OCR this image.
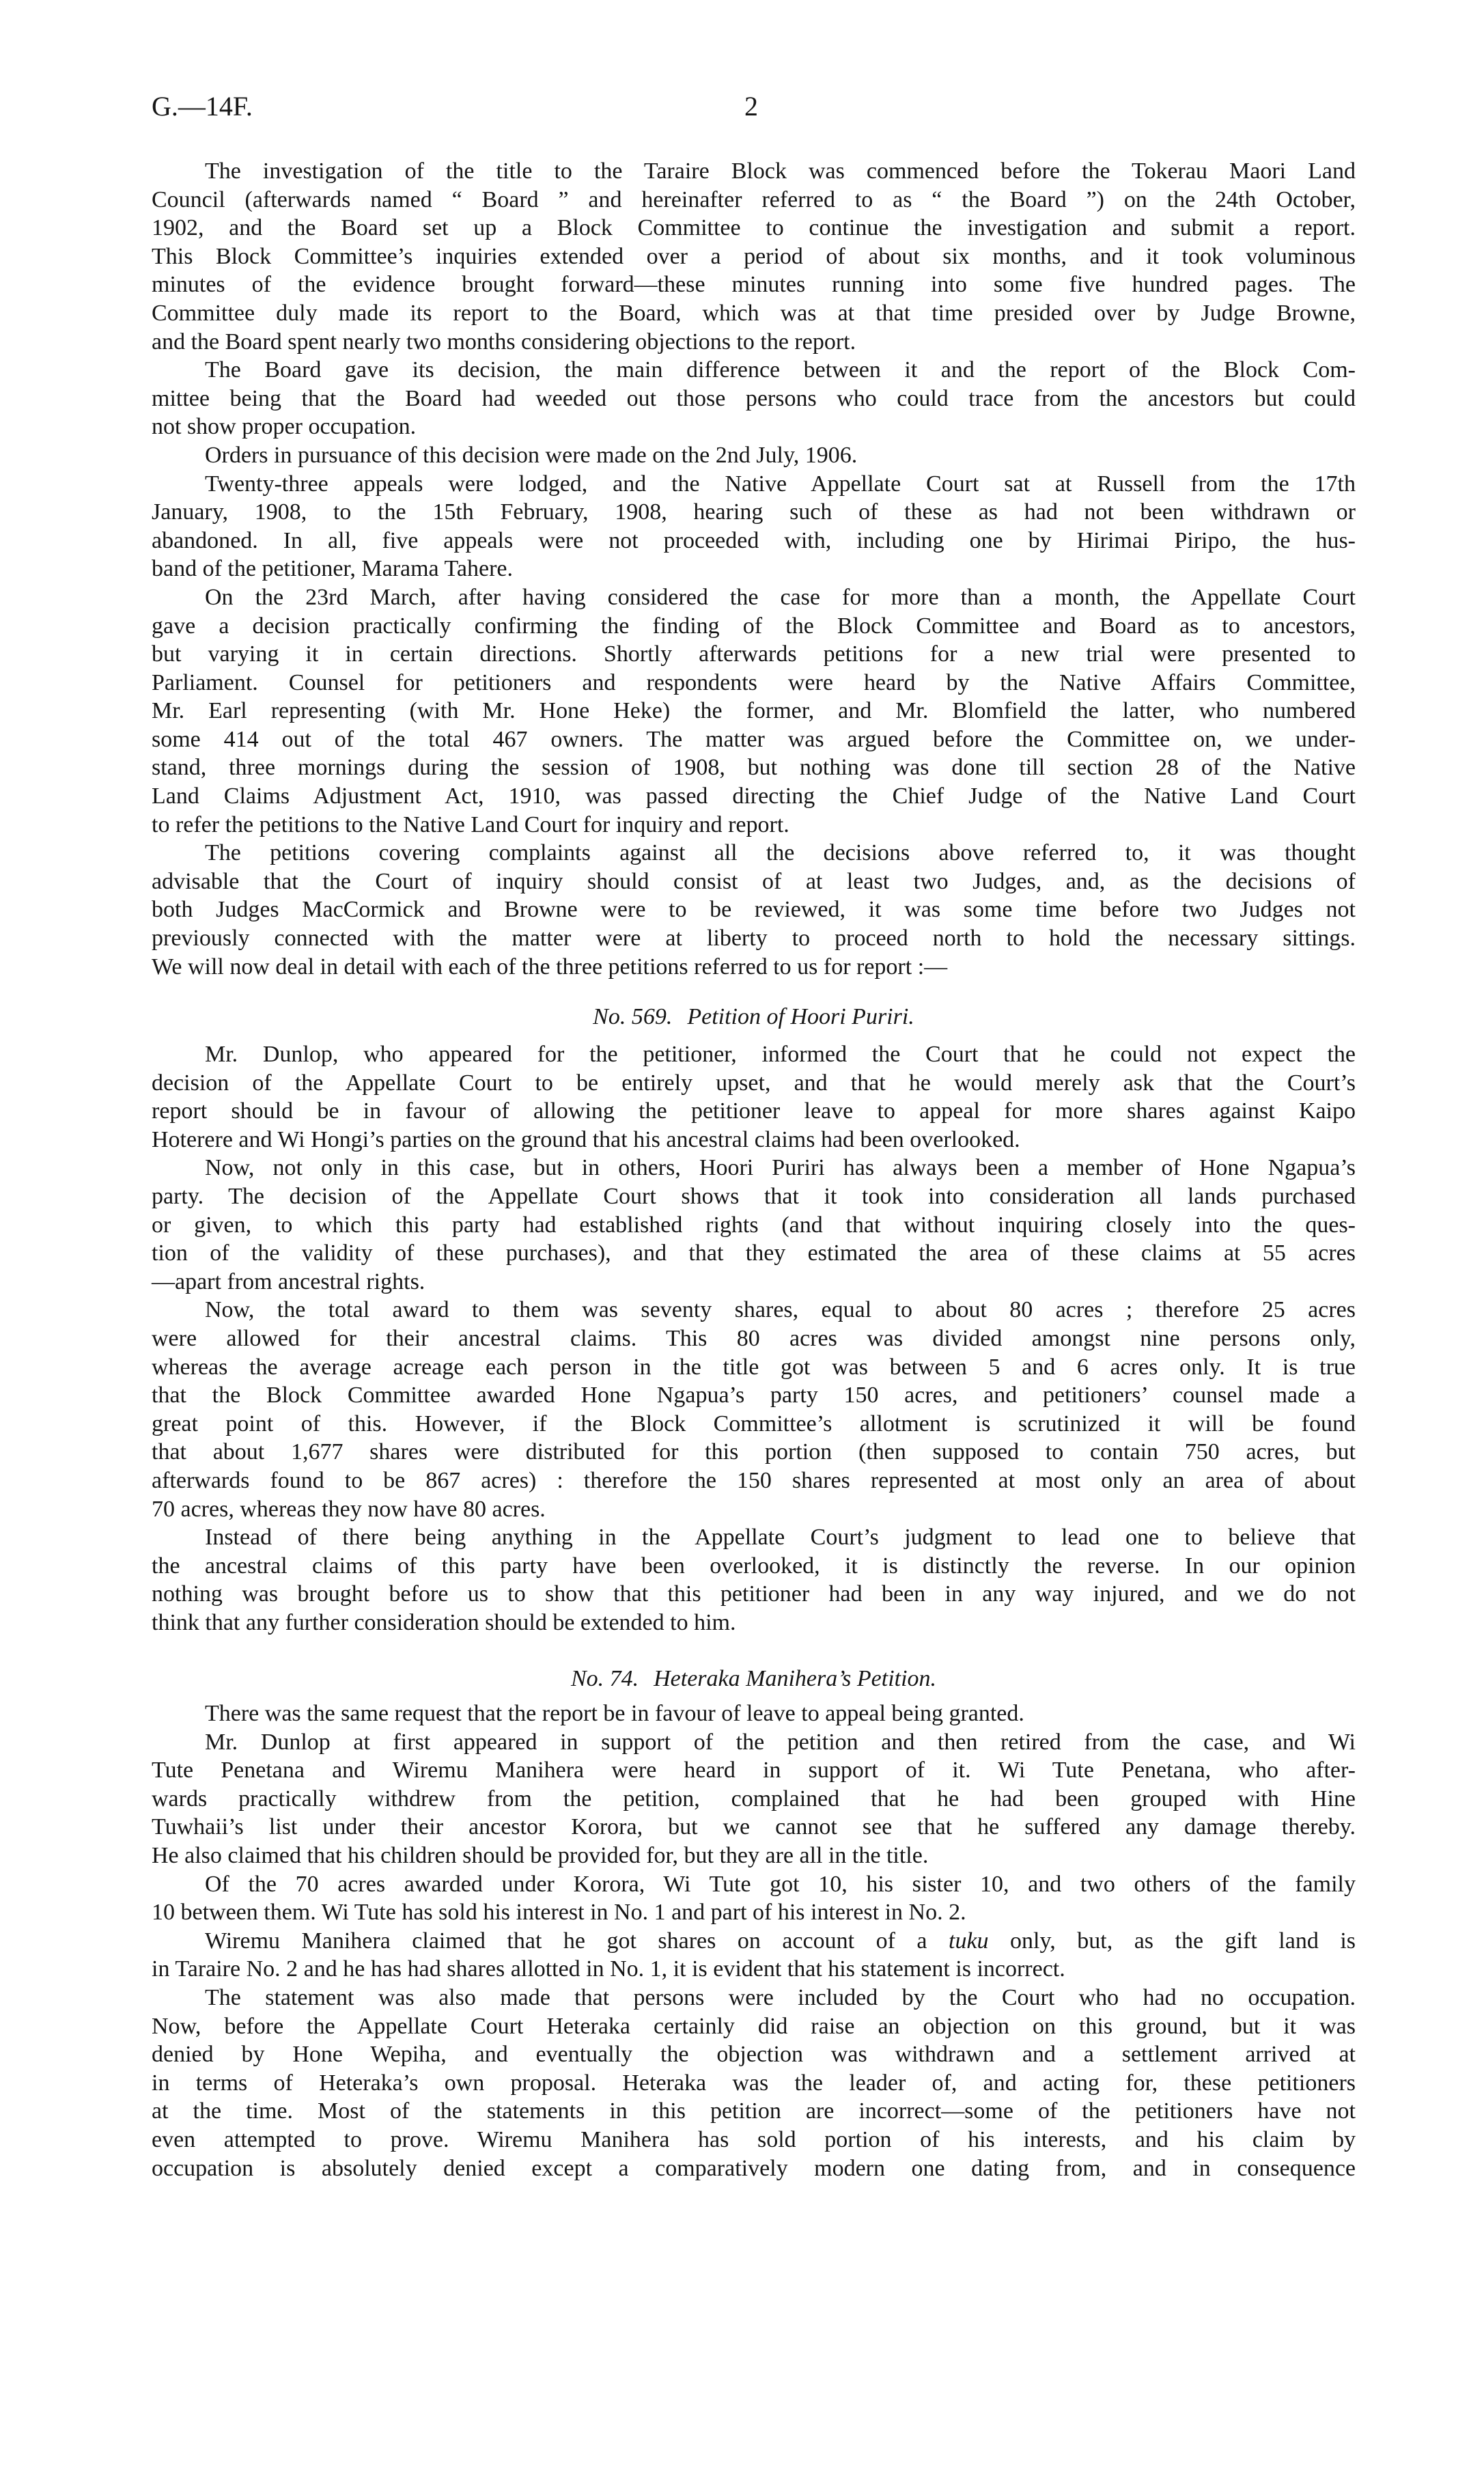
G.—14F.	2
The investigation of the title to the Taraire Block was commenced before the Tokerau Maori Land
Council (afterwards named “ Board ” and hereinafter referred to as “ the Board ”) on the 24th October,
1902, and the Board set up a Block Committee to continue the investigation and submit a report.
This Block Committee’s inquiries extended over a period of about six months, and it took voluminous
minutes of the evidence brought forward—these minutes running into some five hundred pages. The
Committee duly made its report to the Board, which was at that time presided over by Judge Browne,
and the Board spent nearly two months considering objections to the report.
The Board gave its decision, the main difference between it and the report of the Block Com-
mittee being that the Board had weeded out those persons who could trace from the ancestors but could
not show proper occupation.
Orders in pursuance of this decision were made on the 2nd July, 1906.
Twenty-three appeals were lodged, and the Native Appellate Court sat at Russell from the 17th
January, 1908, to the 15th February, 1908, hearing such of these as had not been withdrawn or
abandoned. In all, five appeals were not proceeded with, including one by Hirimai Piripo, the hus-
band of the petitioner, Marama Tahere.
On the 23rd March, after having considered the case for more than a month, the Appellate Court
gave a decision practically confirming the finding of the Block Committee and Board as to ancestors,
but varying it in certain directions. Shortly afterwards petitions for a new trial were presented to
Parliament. Counsel for petitioners and respondents were heard by the Native Affairs Committee,
Mr. Earl representing (with Mr. Hone Heke) the former, and Mr. Blomfield the latter, who numbered
some 414 out of the total 467 owners. The matter was argued before the Committee on, we under-
stand, three mornings during the session of 1908, but nothing was done till section 28 of the Native
Land Claims Adjustment Act, 1910, was passed directing the Chief Judge of the Native Land Court
to refer the petitions to the Native Land Court for inquiry and report.
The petitions covering complaints against all the decisions above referred to, it was thought
advisable that the Court of inquiry should consist of at least two Judges, and, as the decisions of
both Judges MacCormick and Browne were to be reviewed, it was some time before two Judges not
previously connected with the matter were at liberty to proceed north to hold the necessary sittings.
We will now deal in detail with each of the three petitions referred to us for report :—
No. 569. Petition of Hoori Puriri.
Mr. Dunlop, who appeared for the petitioner, informed the Court that he could not expect the
decision of the Appellate Court to be entirely upset, and that he would merely ask that the Court’s
report should be in favour of allowing the petitioner leave to appeal for more shares against Kaipo
Hoterere and Wi Hongi’s parties on the ground that his ancestral claims had been overlooked.
Now, not only in this case, but in others, Hoori Puriri has always been a member of Hone Ngapua’s
party. The decision of the Appellate Court shows that it took into consideration all lands purchased
or given, to which this party had established rights (and that without inquiring closely into the ques-
tion of the validity of these purchases), and that they estimated the area of these claims at 55 acres
—apart from ancestral rights.
Now, the total award to them was seventy shares, equal to about 80 acres ; therefore 25 acres
were allowed for their ancestral claims. This 80 acres was divided amongst nine persons only,
whereas the average acreage each person in the title got was between 5 and 6 acres only. It is true
that the Block Committee awarded Hone Ngapua’s party 150 acres, and petitioners’ counsel made a
great point of this. However, if the Block Committee’s allotment is scrutinized it will be found
that about 1,677 shares were distributed for this portion (then supposed to contain 750 acres, but
afterwards found to be 867 acres) : therefore the 150 shares represented at most only an area of about
70 acres, whereas they now have 80 acres.
Instead of there being anything in the Appellate Court’s judgment to lead one to believe that
the ancestral claims of this party have been overlooked, it is distinctly the reverse. In our opinion
nothing was brought before us to show that this petitioner had been in any way injured, and we do not
think that any further consideration should be extended to him.
No. 74. Heteraka Manihera’s Petition.
There was the same request that the report be in favour of leave to appeal being granted.
Mr. Dunlop at first appeared in support of the petition and then retired from the case, and Wi
Tute Penetana and Wiremu Manihera were heard in support of it. Wi Tute Penetana, who after-
wards practically withdrew from the petition, complained that he had been grouped with Hine
Tuwhaii’s list under their ancestor Korora, but we cannot see that he suffered any damage thereby.
He also claimed that his children should be provided for, but they are all in the title.
Of the 70 acres awarded under Korora, Wi Tute got 10, his sister 10, and two others of the family
10 between them. Wi Tute has sold his interest in No. 1 and part of his interest in No. 2.
Wiremu Manihera claimed that he got shares on account of a tuku only, but, as the gift land is
in Taraire No. 2 and he has had shares allotted in No. 1, it is evident that his statement is incorrect.
The statement was also made that persons were included by the Court who had no occupation.
Now, before the Appellate Court Heteraka certainly did raise an objection on this ground, but it was
denied by Hone Wepiha, and eventually the objection was withdrawn and a settlement arrived at
in terms of Heteraka’s own proposal. Heteraka was the leader of, and acting for, these petitioners
at the time. Most of the statements in this petition are incorrect—some of the petitioners have not
even attempted to prove. Wiremu Manihera has sold portion of his interests, and his claim by
occupation is absolutely denied except a comparatively modern one dating from, and in consequence
